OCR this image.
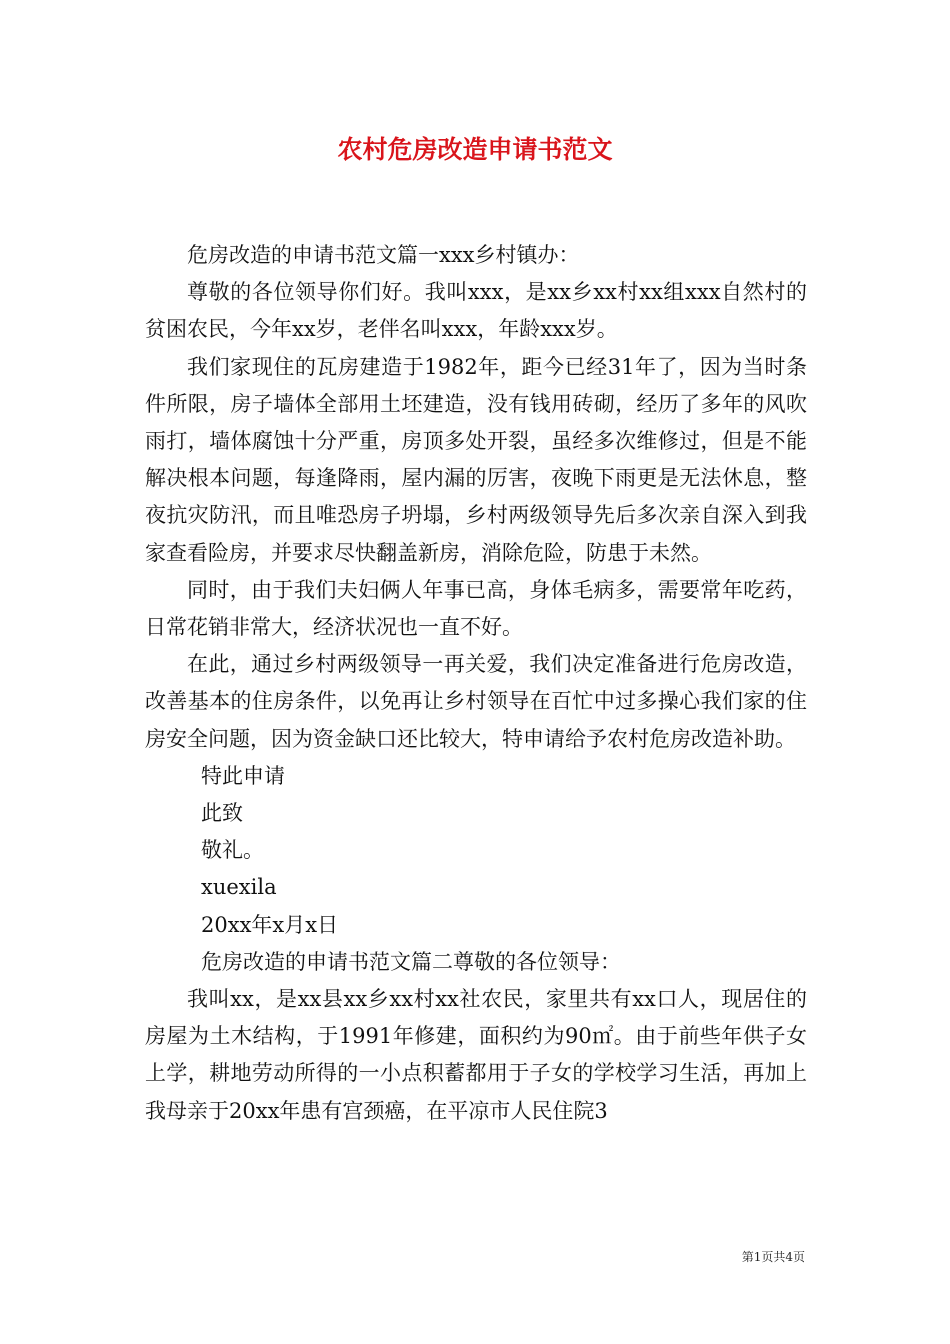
农村危房改造申请书范文

危房改造的申请书范文篇一xxx乡村镇办：

尊敬的各位领导你们好。我叫xxx，是xx乡xx村xx组xxx自然村的贫困农民，今年xx岁，老伴名叫xxx，年龄xxx岁。

我们家现住的瓦房建造于1982年，距今已经31年了，因为当时条件所限，房子墙体全部用土坯建造，没有钱用砖砌，经历了多年的风吹雨打，墙体腐蚀十分严重，房顶多处开裂，虽经多次维修过，但是不能解决根本问题，每逢降雨，屋内漏的厉害，夜晚下雨更是无法休息，整夜抗灾防汛，而且唯恐房子坍塌，乡村两级领导先后多次亲自深入到我家查看险房，并要求尽快翻盖新房，消除危险，防患于未然。

同时，由于我们夫妇俩人年事已高，身体毛病多，需要常年吃药，日常花销非常大，经济状况也一直不好。

在此，通过乡村两级领导一再关爱，我们决定准备进行危房改造，改善基本的住房条件，以免再让乡村领导在百忙中过多操心我们家的住房安全问题，因为资金缺口还比较大，特申请给予农村危房改造补助。

特此申请

此致

敬礼。

xuexila

20xx年x月x日

危房改造的申请书范文篇二尊敬的各位领导：

我叫xx，是xx县xx乡xx村xx社农民，家里共有xx口人，现居住的房屋为土木结构，于1991年修建，面积约为90㎡。由于前些年供子女上学，耕地劳动所得的一小点积蓄都用于子女的学校学习生活，再加上我母亲于20xx年患有宫颈癌，在平凉市人民住院3

第1页共4页
